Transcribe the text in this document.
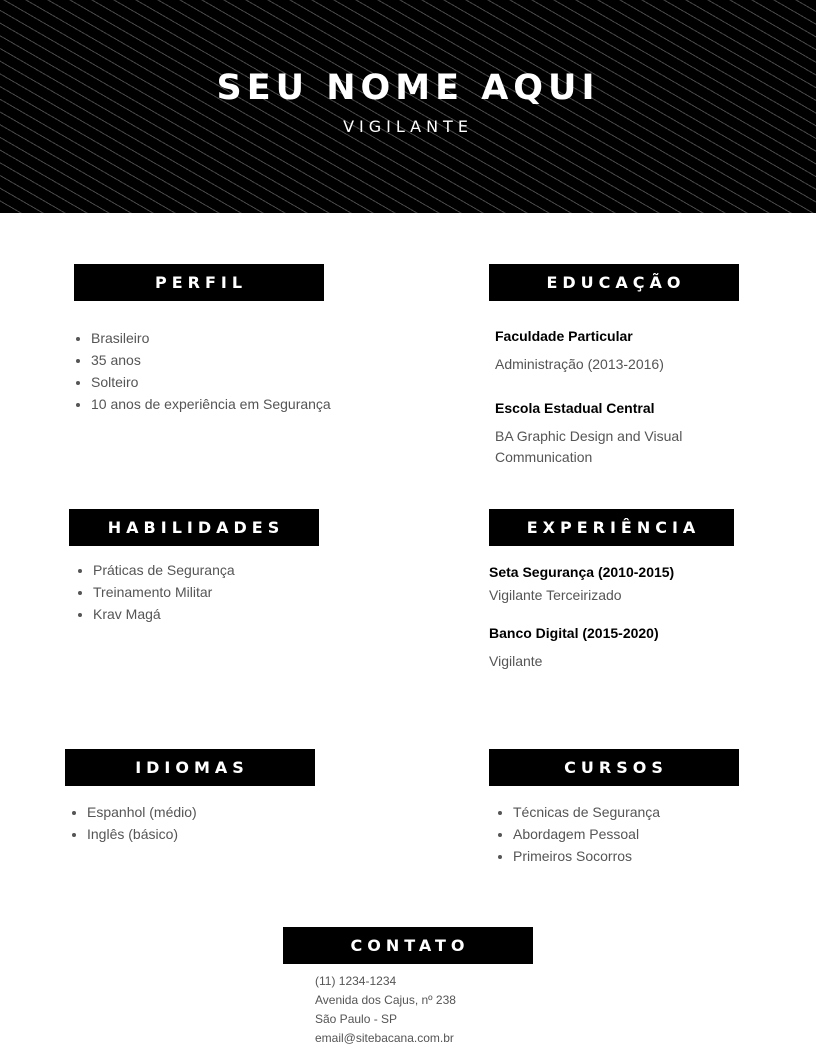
SEU NOME AQUI
VIGILANTE
PERFIL
• Brasileiro
• 35 anos
• Solteiro
• 10 anos de experiência em Segurança
EDUCAÇÃO
Faculdade Particular
Administração (2013-2016)
Escola Estadual Central
BA Graphic Design and Visual Communication
HABILIDADES
• Práticas de Segurança
• Treinamento Militar
• Krav Magá
EXPERIÊNCIA
Seta Segurança (2010-2015)
Vigilante Terceirizado
Banco Digital (2015-2020)
Vigilante
IDIOMAS
• Espanhol (médio)
• Inglês (básico)
CURSOS
• Técnicas de Segurança
• Abordagem Pessoal
• Primeiros Socorros
CONTATO
(11) 1234-1234
Avenida dos Cajus, nº 238
São Paulo - SP
email@sitebacana.com.br
